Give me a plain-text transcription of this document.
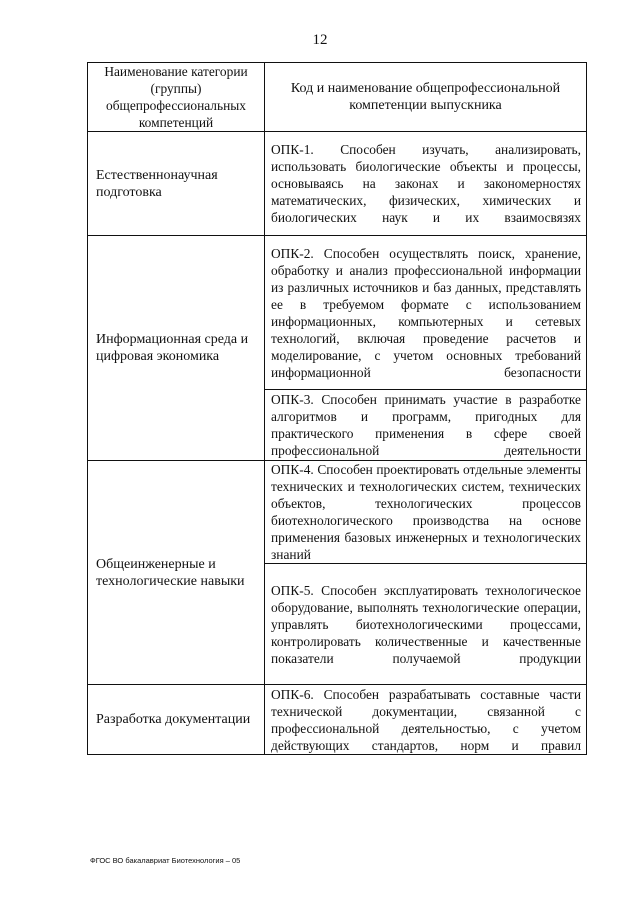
12
Наименование категории (группы) общепрофессиональных компетенций	Код и наименование общепрофессиональной компетенции выпускника
Естественнонаучная подготовка	ОПК-1. Способен изучать, анализировать, использовать биологические объекты и процессы, основываясь на законах и закономерностях математических, физических, химических и биологических наук и их взаимосвязях
Информационная среда и цифровая экономика	ОПК-2. Способен осуществлять поиск, хранение, обработку и анализ профессиональной информации из различных источников и баз данных, представлять ее в требуемом формате с использованием информационных, компьютерных и сетевых технологий, включая проведение расчетов и моделирование, с учетом основных требований информационной безопасности
	ОПК-3. Способен принимать участие в разработке алгоритмов и программ, пригодных для практического применения в сфере своей профессиональной деятельности
Общеинженерные и технологические навыки	ОПК-4. Способен проектировать отдельные элементы технических и технологических систем, технических объектов, технологических процессов биотехнологического производства на основе применения базовых инженерных и технологических знаний
	ОПК-5. Способен эксплуатировать технологическое оборудование, выполнять технологические операции, управлять биотехнологическими процессами, контролировать количественные и качественные показатели получаемой продукции
Разработка документации	ОПК-6. Способен разрабатывать составные части технической документации, связанной с профессиональной деятельностью, с учетом действующих стандартов, норм и правил
ФГОС ВО бакалавриат Биотехнология – 05
